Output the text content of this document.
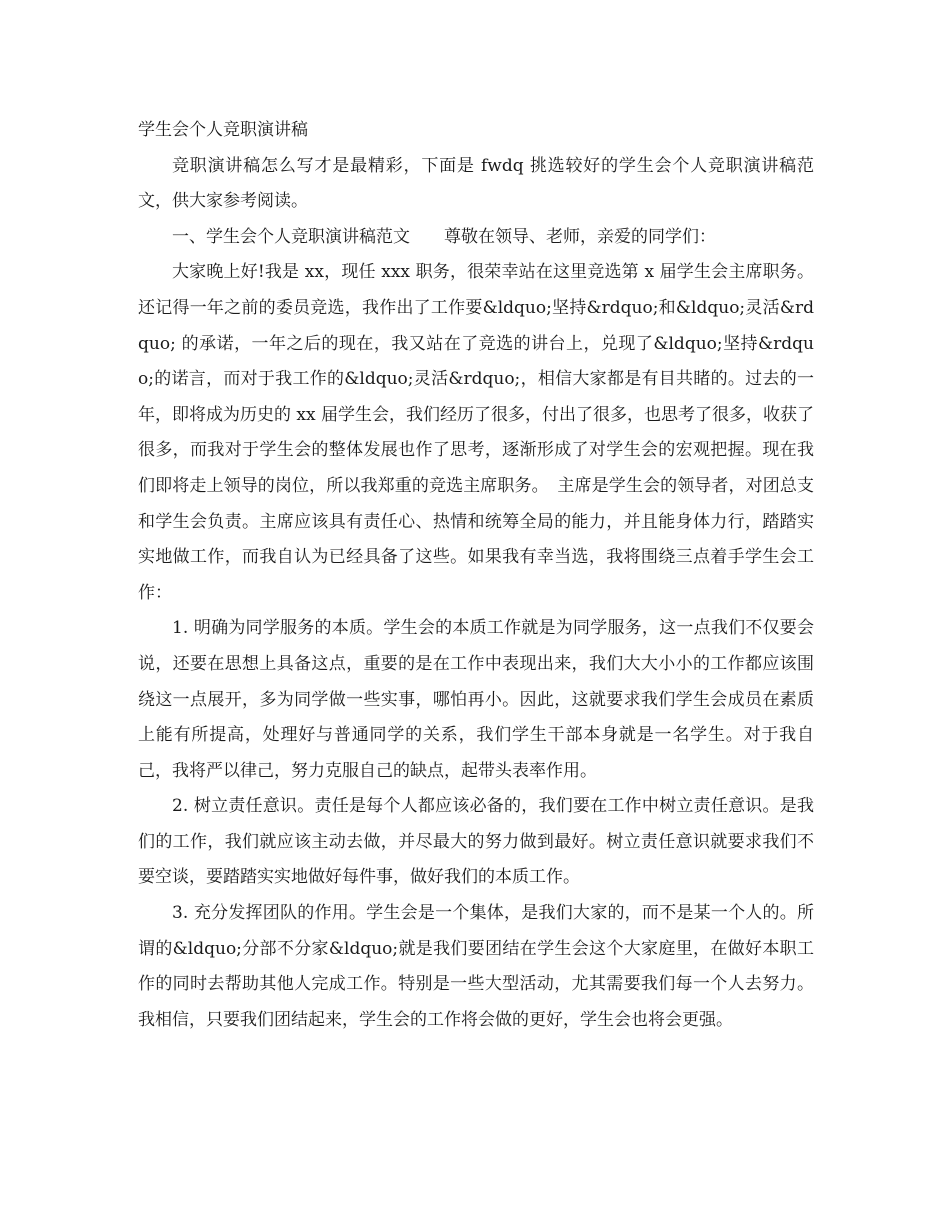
学生会个人竞职演讲稿

竞职演讲稿怎么写才是最精彩，下面是 fwdq 挑选较好的学生会个人竞职演讲稿范文，供大家参考阅读。

一、学生会个人竞职演讲稿范文　　尊敬在领导、老师，亲爱的同学们：

大家晚上好!我是 xx，现任 xxx 职务，很荣幸站在这里竞选第 x 届学生会主席职务。还记得一年之前的委员竞选，我作出了工作要&ldquo;坚持&rdquo;和&ldquo;灵活&rdquo; 的承诺，一年之后的现在，我又站在了竞选的讲台上，兑现了&ldquo;坚持&rdquo;的诺言，而对于我工作的&ldquo;灵活&rdquo;，相信大家都是有目共睹的。过去的一年，即将成为历史的 xx 届学生会，我们经历了很多，付出了很多，也思考了很多，收获了很多，而我对于学生会的整体发展也作了思考，逐渐形成了对学生会的宏观把握。现在我们即将走上领导的岗位，所以我郑重的竞选主席职务。　主席是学生会的领导者，对团总支和学生会负责。主席应该具有责任心、热情和统筹全局的能力，并且能身体力行，踏踏实实地做工作，而我自认为已经具备了这些。如果我有幸当选，我将围绕三点着手学生会工作：

1. 明确为同学服务的本质。学生会的本质工作就是为同学服务，这一点我们不仅要会说，还要在思想上具备这点，重要的是在工作中表现出来，我们大大小小的工作都应该围绕这一点展开，多为同学做一些实事，哪怕再小。因此，这就要求我们学生会成员在素质上能有所提高，处理好与普通同学的关系，我们学生干部本身就是一名学生。对于我自己，我将严以律己，努力克服自己的缺点，起带头表率作用。

2. 树立责任意识。责任是每个人都应该必备的，我们要在工作中树立责任意识。是我们的工作，我们就应该主动去做，并尽最大的努力做到最好。树立责任意识就要求我们不要空谈，要踏踏实实地做好每件事，做好我们的本质工作。

3. 充分发挥团队的作用。学生会是一个集体，是我们大家的，而不是某一个人的。所谓的&ldquo;分部不分家&ldquo;就是我们要团结在学生会这个大家庭里，在做好本职工作的同时去帮助其他人完成工作。特别是一些大型活动，尤其需要我们每一个人去努力。我相信，只要我们团结起来，学生会的工作将会做的更好，学生会也将会更强。
